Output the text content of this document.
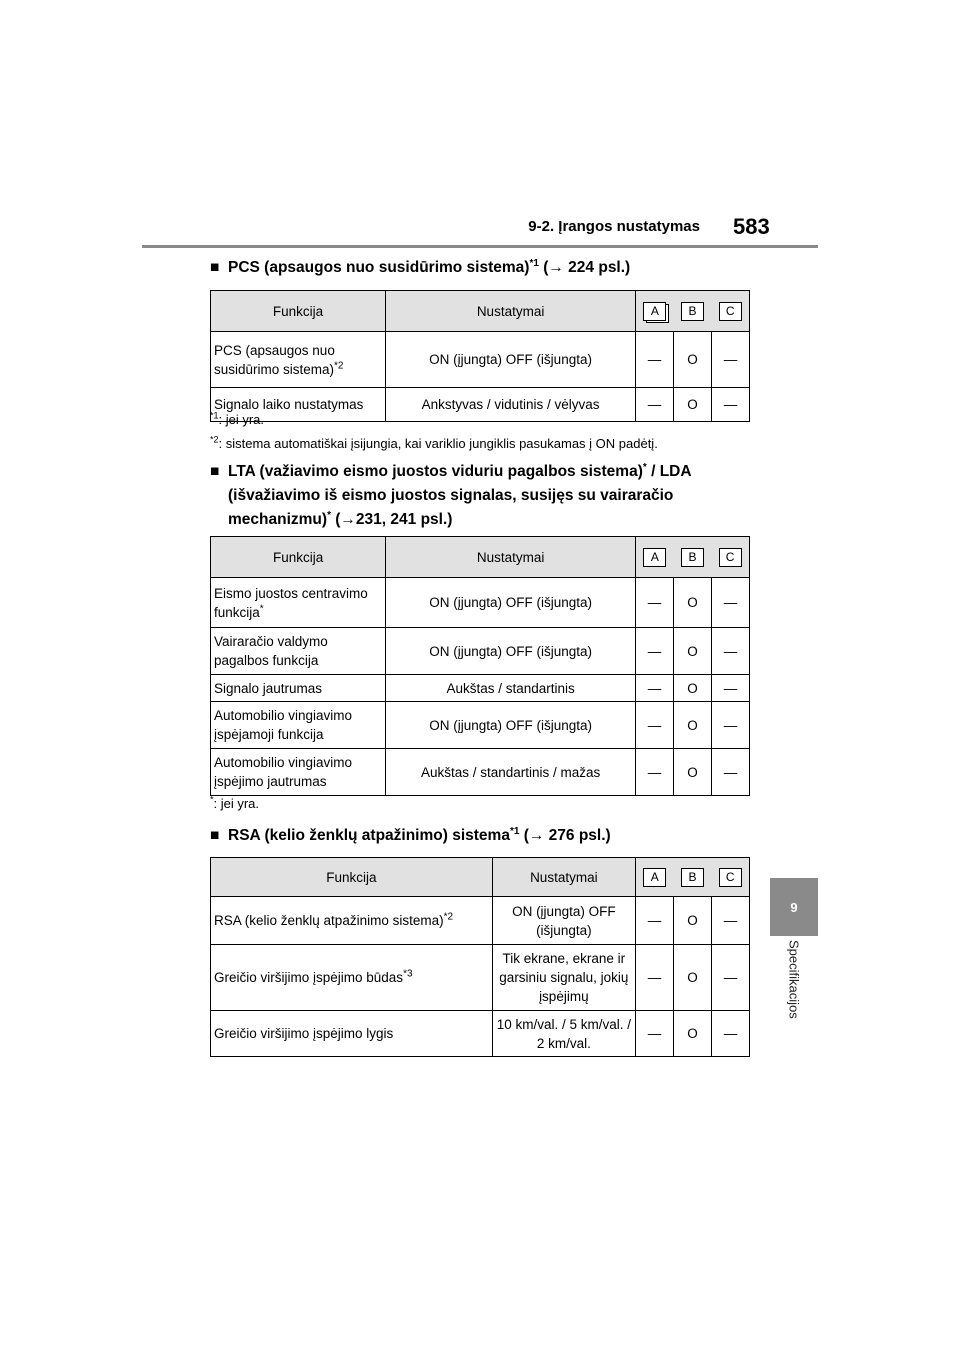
9-2. Įrangos nustatymas 583
9
Specifikacijos
■ PCS (apsaugos nuo susidūrimo sistema)$^{*1}$ (→ 224 psl.)
Funkcija	Nustatymai	A B C		

PCS (apsaugos nuo susidūrimo sistema)$^{*2}$	ON (įjungta) OFF (išjungta)	—	O	—
Signalo laiko nustatymas	Ankstyvas / vidutinis / vėlyvas	—	O	—
$^{*1}$: jei yra.
$^{*2}$: sistema automatiškai įsijungia, kai variklio jungiklis pasukamas į ON padėtį.
■ LTA (važiavimo eismo juostos viduriu pagalbos sistema)* / LDA (išvažiavimo iš eismo juostos signalas, susijęs su vairaračio mechanizmu)* (→231, 241 psl.)
Funkcija	Nustatymai	A B C		

Eismo juostos centravimo funkcija*	ON (įjungta) OFF (išjungta)	—	O	—
Vairaračio valdymo pagalbos funkcija	ON (įjungta) OFF (išjungta)	—	O	—
Signalo jautrumas	Aukštas / standartinis	—	O	—
Automobilio vingiavimo įspėjamoji funkcija	ON (įjungta) OFF (išjungta)	—	O	—
Automobilio vingiavimo įspėjimo jautrumas	Aukštas / standartinis / mažas	—	O	—
*: jei yra.
■ RSA (kelio ženklų atpažinimo) sistema$^{*1}$ (→ 276 psl.)
Funkcija	Nustatymai	A B C		

RSA (kelio ženklų atpažinimo sistema)$^{*2}$	ON (įjungta) OFF (išjungta)	—	O	—
Greičio viršijimo įspėjimo būdas$^{*3}$	Tik ekrane, ekrane ir garsiniu signalu, jokių įspėjimų	—	O	—
Greičio viršijimo įspėjimo lygis	10 km/val. / 5 km/val. / 2 km/val.	—	O	—
